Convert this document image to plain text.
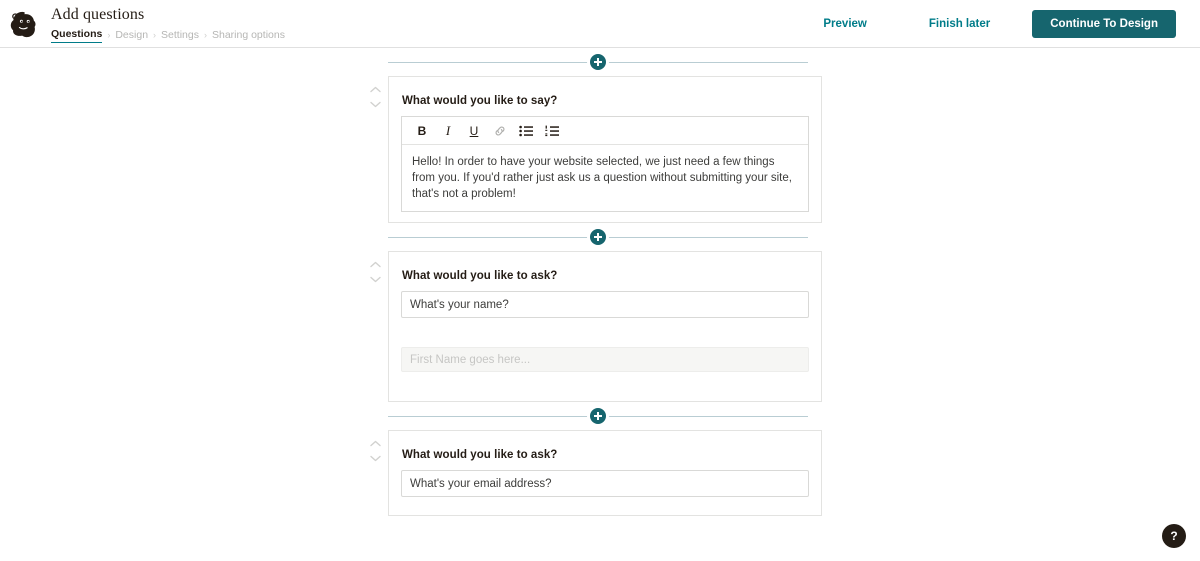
Add questions
Questions › Design › Settings › Sharing options
Preview	Finish later	Continue To Design
What would you like to say?
B I U
Hello! In order to have your website selected, we just need a few things from you. If you'd rather just ask us a question without submitting your site, that's not a problem!
What would you like to ask?
What's your name?
First Name goes here...
What would you like to ask?
What's your email address?
?
